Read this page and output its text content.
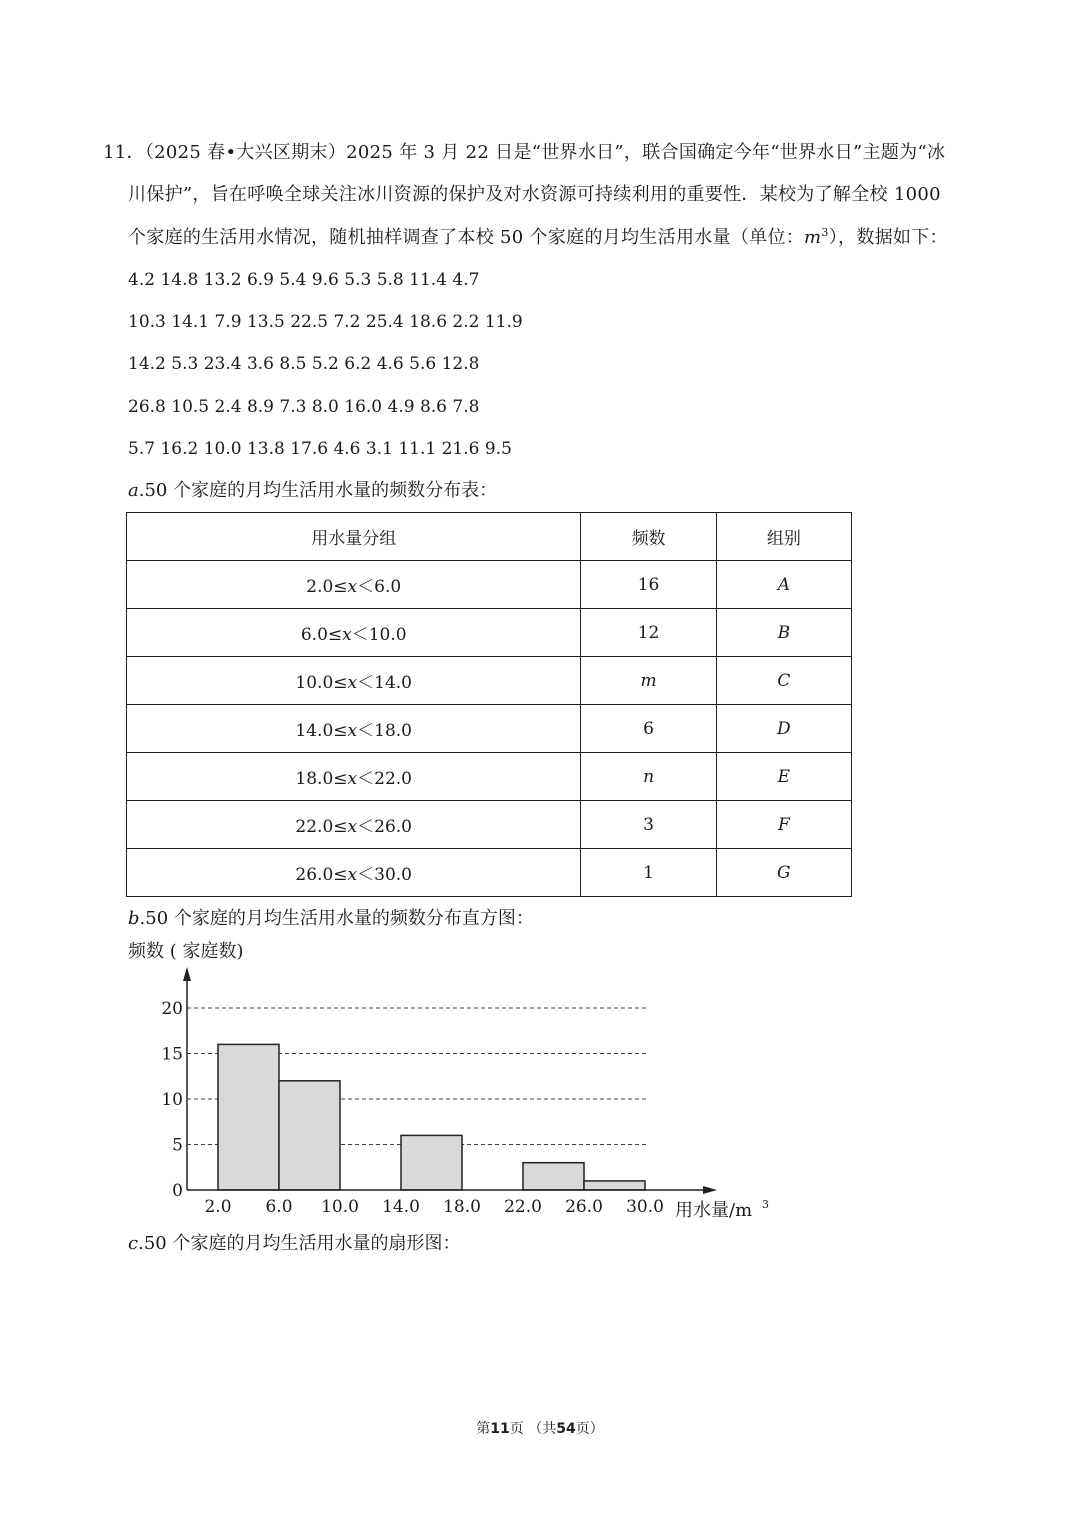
11．（2025 春•大兴区期末）2025 年 3 月 22 日是“世界水日”，联合国确定今年“世界水日”主题为“冰
川保护”，旨在呼唤全球关注冰川资源的保护及对水资源可持续利用的重要性．某校为了解全校 1000
个家庭的生活用水情况，随机抽样调查了本校 50 个家庭的月均生活用水量（单位：$m^3$），数据如下：
4.2 14.8 13.2 6.9 5.4 9.6 5.3 5.8 11.4 4.7
10.3 14.1 7.9 13.5 22.5 7.2 25.4 18.6 2.2 11.9
14.2 5.3 23.4 3.6 8.5 5.2 6.2 4.6 5.6 12.8
26.8 10.5 2.4 8.9 7.3 8.0 16.0 4.9 8.6 7.8
5.7 16.2 10.0 13.8 17.6 4.6 3.1 11.1 21.6 9.5
a.50 个家庭的月均生活用水量的频数分布表：
用水量分组	频数	组别
2.0≤x＜6.0	16	A
6.0≤x＜10.0	12	B
10.0≤x＜14.0	m	C
14.0≤x＜18.0	6	D
18.0≤x＜22.0	n	E
22.0≤x＜26.0	3	F
26.0≤x＜30.0	1	G
b.50 个家庭的月均生活用水量的频数分布直方图：
频数 ( 家庭数)
0
5
10
15
20
2.0 6.0 10.0 14.0 18.0 22.0 26.0 30.0 用水量/m 3
c.50 个家庭的月均生活用水量的扇形图：
第11页 （共54页）
